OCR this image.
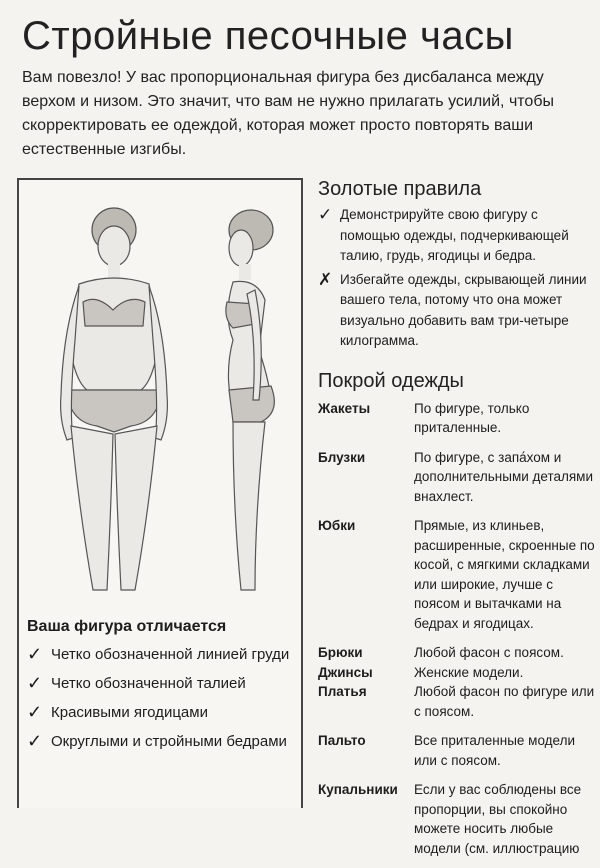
Стройные песочные часы

Вам повезло! У вас пропорциональная фигура без дисбаланса между верхом и низом. Это значит, что вам не нужно прилагать усилий, чтобы скорректировать ее одеждой, которая может просто повторять ваши естественные изгибы.

Ваша фигура отличается
✓ Четко обозначенной линией груди
✓ Четко обозначенной талией
✓ Красивыми ягодицами
✓ Округлыми и стройными бедрами
Золотые правила
✓ Демонстрируйте свою фигуру с помощью одежды, подчеркивающей талию, грудь, ягодицы и бедра.
✗ Избегайте одежды, скрывающей линии вашего тела, потому что она может визуально добавить вам три-четыре килограмма.
Покрой одежды
Жакеты	По фигуре, только приталенные.
Блузки	По фигуре, с запа́хом и дополнительными деталями внахлест.
Юбки	Прямые, из клиньев, расширенные, скроенные по косой, с мягкими складками или широкие, лучше с поясом и вытачками на бедрах и ягодицах.
Брюки	Любой фасон с поясом.
Джинсы	Женские модели.
Платья	Любой фасон по фигуре или с поясом.
Пальто	Все приталенные модели или с поясом.
Купальники	Если у вас соблюдены все пропорции, вы спокойно можете носить любые модели (см. иллюстрацию
